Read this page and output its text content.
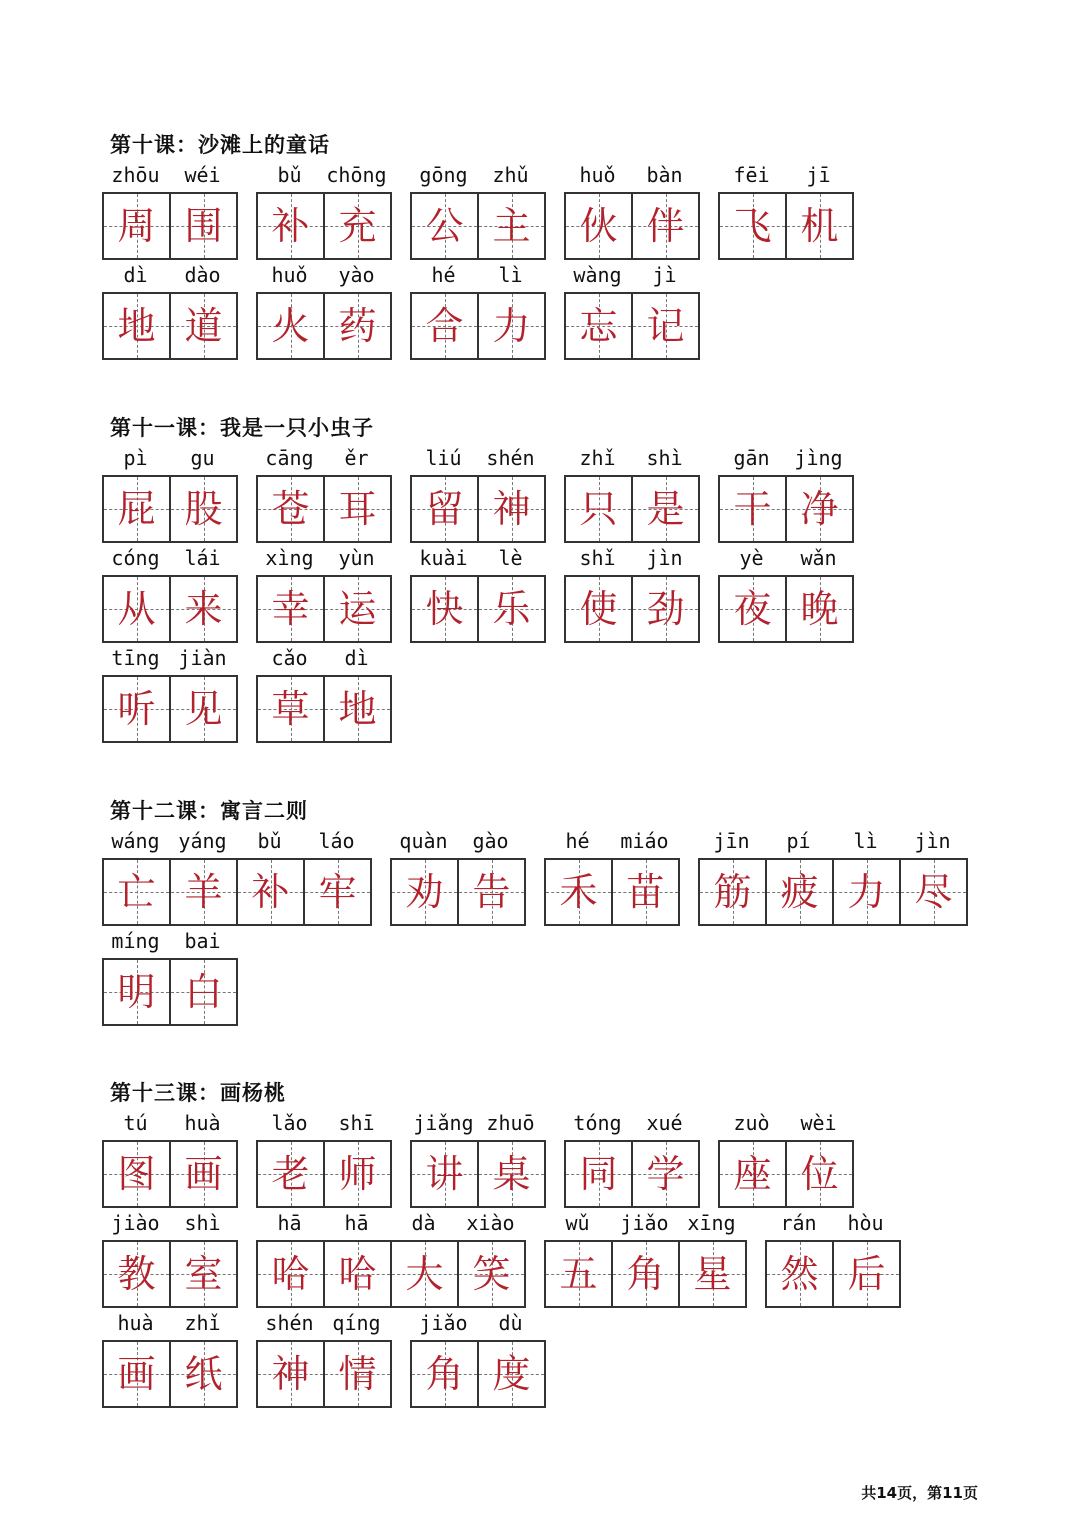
第十课：沙滩上的童话
zhōu	wéi
周 围
bǔ	chōng
补 充
gōng	zhǔ
公 主
huǒ	bàn
伙 伴
fēi	jī
飞 机
dì	dào
地 道
huǒ	yào
火 药
hé	lì
合 力
wàng	jì
忘 记
第十一课：我是一只小虫子
pì	gu
屁 股
cāng	ěr
苍 耳
liú	shén
留 神
zhǐ	shì
只 是
gān	jìng
干 净
cóng	lái
从 来
xìng	yùn
幸 运
kuài	lè
快 乐
shǐ	jìn
使 劲
yè	wǎn
夜 晚
tīng jiàn
听 见
cǎo	dì
草 地
第十二课：寓言二则
wáng yáng	bǔ	láo
亡 羊 补 牢
quàn	gào
劝 告
hé	miáo
禾 苗
jīn	pí	lì	jìn
筋 疲 力 尽
míng	bai
明 白
第十三课：画杨桃
tú	huà
图 画
lǎo	shī
老 师
jiǎng zhuō
讲 桌
tóng	xué
同 学
zuò	wèi
座 位
jiào	shì
教 室
hā	hā	dà	xiào
哈 哈 大 笑
wǔ	jiǎo xīng
五 角 星
rán	hòu
然 后
huà	zhǐ
画 纸
shén qíng
神 情
jiǎo	dù
角 度
共14页，第11页
